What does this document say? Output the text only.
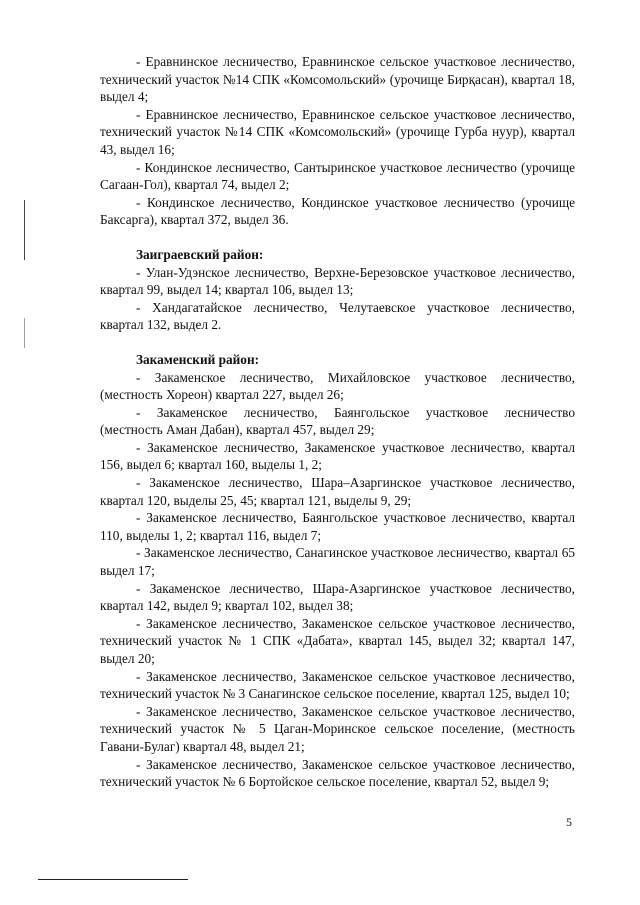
- Еравнинское лесничество, Еравнинское сельское участковое лесничество, технический участок №14 СПК «Комсомольский» (урочище Бирқасан), квартал 18, выдел 4;

- Еравнинское лесничество, Еравнинское сельское участковое лесничество, технический участок №14 СПК «Комсомольский» (урочище Гурба нуур), квартал 43, выдел 16;

- Кондинское лесничество, Сантыринское участковое лесничество (урочище Сагаан-Гол), квартал 74, выдел 2;

- Кондинское лесничество, Кондинское участковое лесничество (урочище Баксарга), квартал 372, выдел 36.

Заиграевский район:

- Улан-Удэнское лесничество, Верхне-Березовское участковое лесничество, квартал 99, выдел 14; квартал 106, выдел 13;

- Хандагатайское лесничество, Челутаевское участковое лесничество, квартал 132, выдел 2.

Закаменский район:

- Закаменское лесничество, Михайловское участковое лесничество, (местность Хореон) квартал 227, выдел 26;

- Закаменское лесничество, Баянгольское участковое лесничество (местность Аман Дабан), квартал 457, выдел 29;

- Закаменское лесничество, Закаменское участковое лесничество, квартал 156, выдел 6; квартал 160, выделы 1, 2;

- Закаменское лесничество, Шара–Азаргинское участковое лесничество, квартал 120, выделы 25, 45; квартал 121, выделы 9, 29;

- Закаменское лесничество, Баянгольское участковое лесничество, квартал 110, выделы 1, 2; квартал 116, выдел 7;

- Закаменское лесничество, Санагинское участковое лесничество, квартал 65 выдел 17;

- Закаменское лесничество, Шара-Азаргинское участковое лесничество, квартал 142, выдел 9; квартал 102, выдел 38;

- Закаменское лесничество, Закаменское сельское участковое лесничество, технический участок № 1 СПК «Дабата», квартал 145, выдел 32; квартал 147, выдел 20;

- Закаменское лесничество, Закаменское сельское участковое лесничество, технический участок № 3 Санагинское сельское поселение, квартал 125, выдел 10;

- Закаменское лесничество, Закаменское сельское участковое лесничество, технический участок № 5 Цаган-Моринское сельское поселение, (местность Гавани-Булаг) квартал 48, выдел 21;

- Закаменское лесничество, Закаменское сельское участковое лесничество, технический участок № 6 Бортойское сельское поселение, квартал 52, выдел 9;

5
